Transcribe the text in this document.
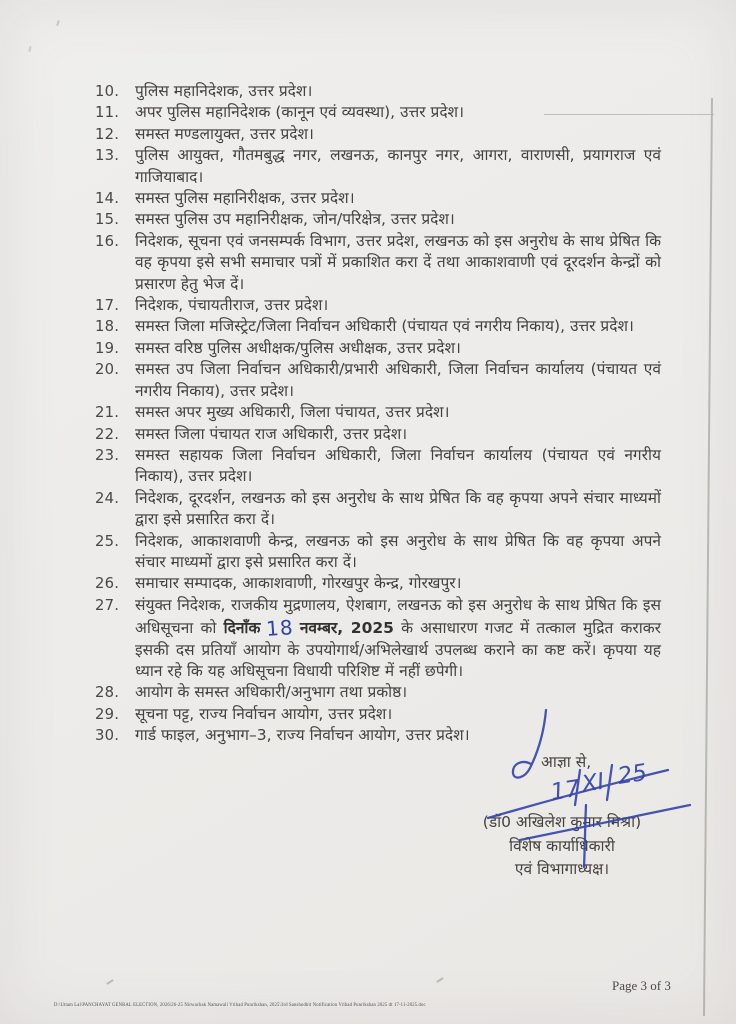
10.	पुलिस महानिदेशक, उत्तर प्रदेश।
11.	अपर पुलिस महानिदेशक (कानून एवं व्यवस्था), उत्तर प्रदेश।
12.	समस्त मण्डलायुक्त, उत्तर प्रदेश।
13.	पुलिस आयुक्त, गौतमबुद्ध नगर, लखनऊ, कानपुर नगर, आगरा, वाराणसी, प्रयागराज एवं गाजियाबाद।
14.	समस्त पुलिस महानिरीक्षक, उत्तर प्रदेश।
15.	समस्त पुलिस उप महानिरीक्षक, जोन/परिक्षेत्र, उत्तर प्रदेश।
16.	निदेशक, सूचना एवं जनसम्पर्क विभाग, उत्तर प्रदेश, लखनऊ को इस अनुरोध के साथ प्रेषित कि वह कृपया इसे सभी समाचार पत्रों में प्रकाशित करा दें तथा आकाशवाणी एवं दूरदर्शन केन्द्रों को प्रसारण हेतु भेज दें।
17.	निदेशक, पंचायतीराज, उत्तर प्रदेश।
18.	समस्त जिला मजिस्ट्रेट/जिला निर्वाचन अधिकारी (पंचायत एवं नगरीय निकाय), उत्तर प्रदेश।
19.	समस्त वरिष्ठ पुलिस अधीक्षक/पुलिस अधीक्षक, उत्तर प्रदेश।
20.	समस्त उप जिला निर्वाचन अधिकारी/प्रभारी अधिकारी, जिला निर्वाचन कार्यालय (पंचायत एवं नगरीय निकाय), उत्तर प्रदेश।
21.	समस्त अपर मुख्य अधिकारी, जिला पंचायत, उत्तर प्रदेश।
22.	समस्त जिला पंचायत राज अधिकारी, उत्तर प्रदेश।
23.	समस्त सहायक जिला निर्वाचन अधिकारी, जिला निर्वाचन कार्यालय (पंचायत एवं नगरीय निकाय), उत्तर प्रदेश।
24.	निदेशक, दूरदर्शन, लखनऊ को इस अनुरोध के साथ प्रेषित कि वह कृपया अपने संचार माध्यमों द्वारा इसे प्रसारित करा दें।
25.	निदेशक, आकाशवाणी केन्द्र, लखनऊ को इस अनुरोध के साथ प्रेषित कि वह कृपया अपने संचार माध्यमों द्वारा इसे प्रसारित करा दें।
26.	समाचार सम्पादक, आकाशवाणी, गोरखपुर केन्द्र, गोरखपुर।
27.	संयुक्त निदेशक, राजकीय मुद्रणालय, ऐशबाग, लखनऊ को इस अनुरोध के साथ प्रेषित कि इस अधिसूचना को दिनाँक 18 नवम्बर, 2025 के असाधारण गजट में तत्काल मुद्रित कराकर इसकी दस प्रतियाँ आयोग के उपयोगार्थ/अभिलेखार्थ उपलब्ध कराने का कष्ट करें। कृपया यह ध्यान रहे कि यह अधिसूचना विधायी परिशिष्ट में नहीं छपेगी।
28.	आयोग के समस्त अधिकारी/अनुभाग तथा प्रकोष्ठ।
29.	सूचना पट्ट, राज्य निर्वाचन आयोग, उत्तर प्रदेश।
30.	गार्ड फाइल, अनुभाग–3, राज्य निर्वाचन आयोग, उत्तर प्रदेश।
आज्ञा से,
(डॉ0 अखिलेश कुमार मिश्रा)
विशेष कार्याधिकारी
एवं विभागाध्यक्ष।
17
XI 25
D:\Uttam Lal\PANCHAYAT GENRAL ELECTION, 2026\26-25 Nirwachak Namawali Vrihad Punrikshan, 2025\3rd Sanshodhit Notification Vrihad Punrikshan 2025 dt 17-11-2025.doc
Page 3 of 3
